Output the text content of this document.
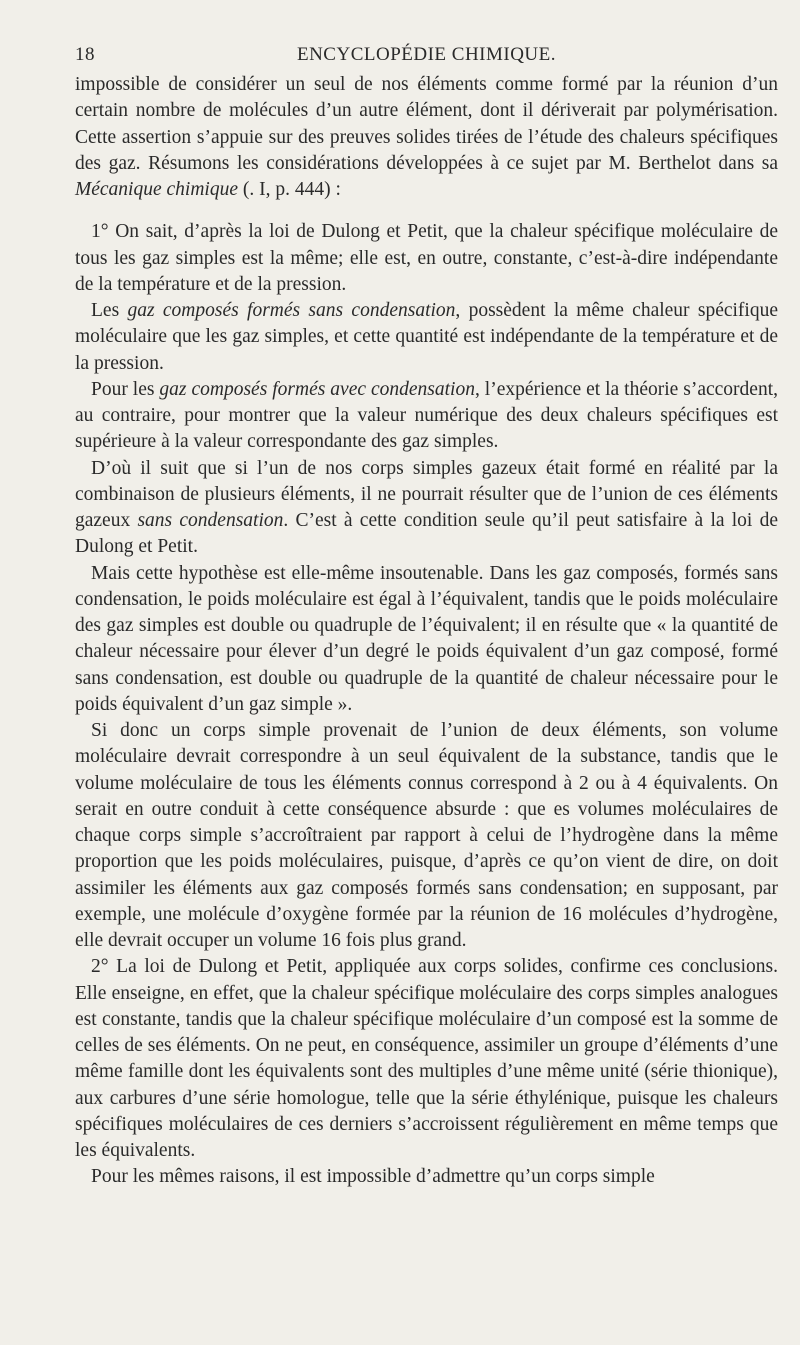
18	ENCYCLOPÉDIE CHIMIQUE.

impossible de considérer un seul de nos éléments comme formé par la réunion d’un certain nombre de molécules d’un autre élément, dont il dériverait par polymérisation. Cette assertion s’appuie sur des preuves solides tirées de l’étude des chaleurs spécifiques des gaz. Résumons les considérations développées à ce sujet par M. Berthelot dans sa Mécanique chimique (. I, p. 444) :

1° On sait, d’après la loi de Dulong et Petit, que la chaleur spécifique moléculaire de tous les gaz simples est la même; elle est, en outre, constante, c’est-à-dire indépendante de la température et de la pression.

Les gaz composés formés sans condensation, possèdent la même chaleur spécifique moléculaire que les gaz simples, et cette quantité est indépendante de la température et de la pression.

Pour les gaz composés formés avec condensation, l’expérience et la théorie s’accordent, au contraire, pour montrer que la valeur numérique des deux chaleurs spécifiques est supérieure à la valeur correspondante des gaz simples.

D’où il suit que si l’un de nos corps simples gazeux était formé en réalité par la combinaison de plusieurs éléments, il ne pourrait résulter que de l’union de ces éléments gazeux sans condensation. C’est à cette condition seule qu’il peut satisfaire à la loi de Dulong et Petit.

Mais cette hypothèse est elle-même insoutenable. Dans les gaz composés, formés sans condensation, le poids moléculaire est égal à l’équivalent, tandis que le poids moléculaire des gaz simples est double ou quadruple de l’équivalent; il en résulte que « la quantité de chaleur nécessaire pour élever d’un degré le poids équivalent d’un gaz composé, formé sans condensation, est double ou quadruple de la quantité de chaleur nécessaire pour le poids équivalent d’un gaz simple ».

Si donc un corps simple provenait de l’union de deux éléments, son volume moléculaire devrait correspondre à un seul équivalent de la substance, tandis que le volume moléculaire de tous les éléments connus correspond à 2 ou à 4 équivalents. On serait en outre conduit à cette conséquence absurde : que es volumes moléculaires de chaque corps simple s’accroîtraient par rapport à celui de l’hydrogène dans la même proportion que les poids moléculaires, puisque, d’après ce qu’on vient de dire, on doit assimiler les éléments aux gaz composés formés sans condensation; en supposant, par exemple, une molécule d’oxygène formée par la réunion de 16 molécules d’hydrogène, elle devrait occuper un volume 16 fois plus grand.

2° La loi de Dulong et Petit, appliquée aux corps solides, confirme ces conclusions. Elle enseigne, en effet, que la chaleur spécifique moléculaire des corps simples analogues est constante, tandis que la chaleur spécifique moléculaire d’un composé est la somme de celles de ses éléments. On ne peut, en conséquence, assimiler un groupe d’éléments d’une même famille dont les équivalents sont des multiples d’une même unité (série thionique), aux carbures d’une série homologue, telle que la série éthylénique, puisque les chaleurs spécifiques moléculaires de ces derniers s’accroissent régulièrement en même temps que les équivalents.

Pour les mêmes raisons, il est impossible d’admettre qu’un corps simple
